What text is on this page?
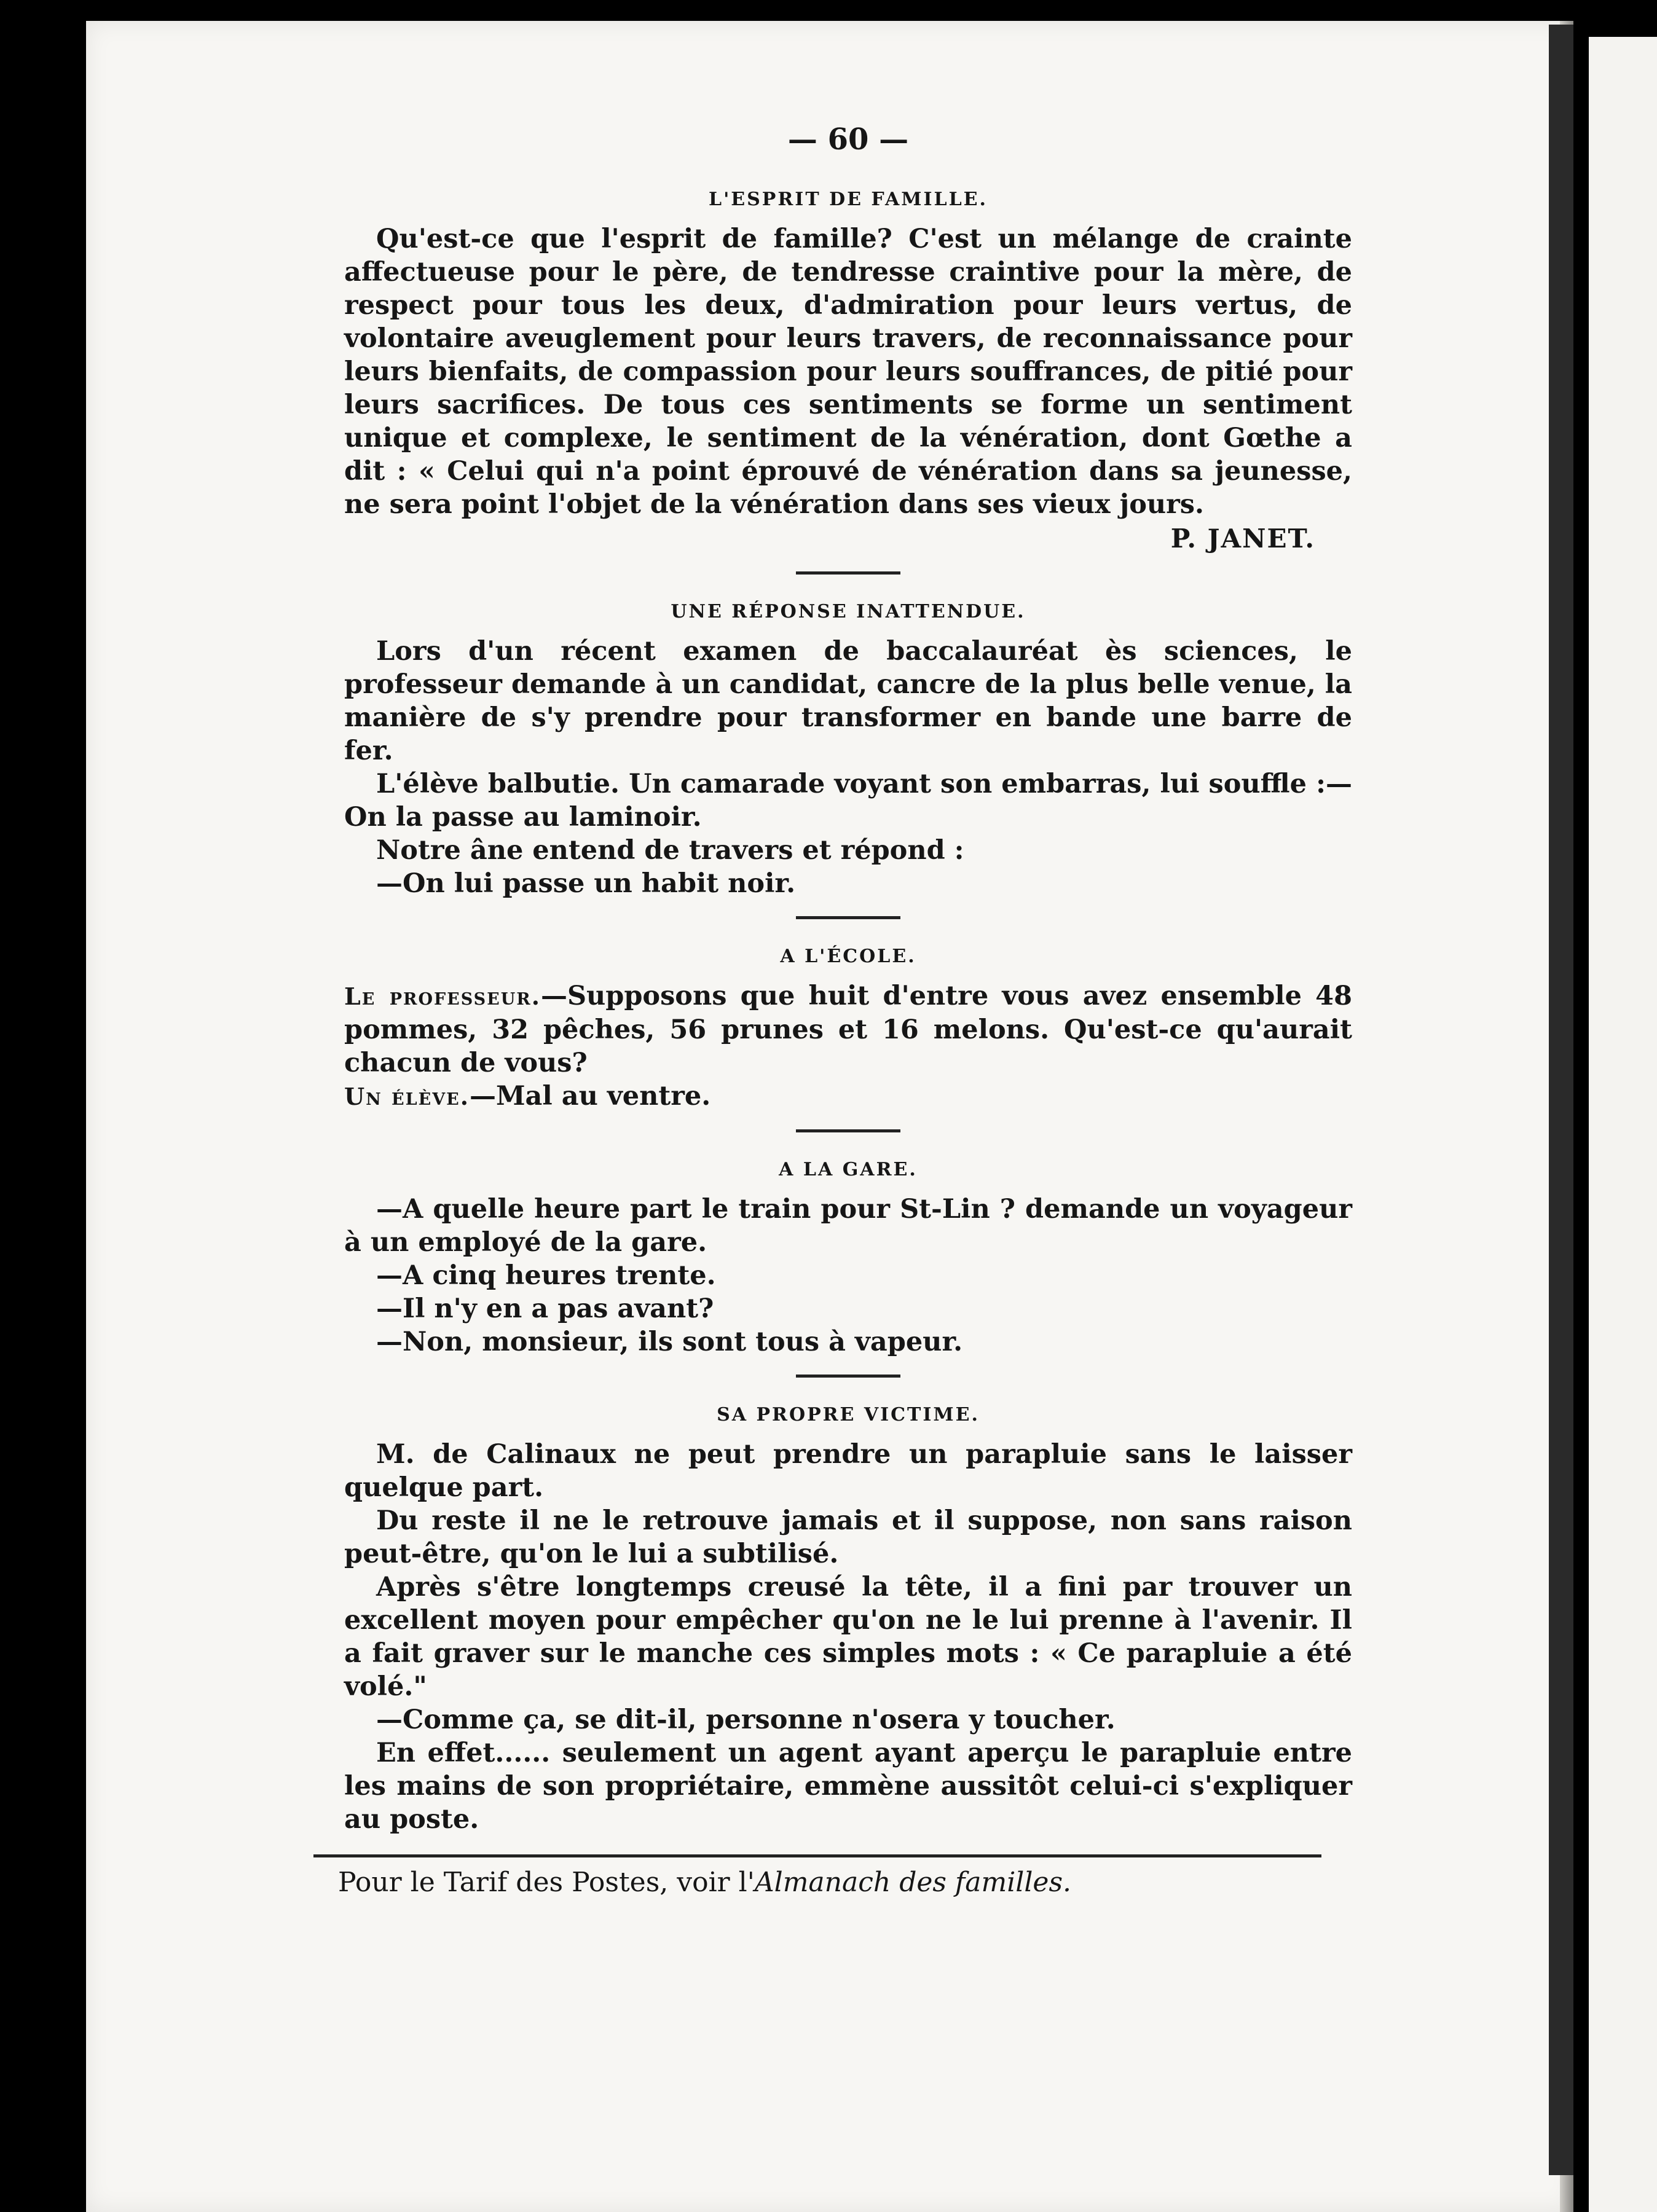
— 60 —
L'ESPRIT DE FAMILLE.

Qu'est-ce que l'esprit de famille? C'est un mélange de crainte affectueuse pour le père, de tendresse craintive pour la mère, de respect pour tous les deux, d'admiration pour leurs vertus, de volontaire aveuglement pour leurs travers, de reconnaissance pour leurs bienfaits, de compassion pour leurs souffrances, de pitié pour leurs sacrifices. De tous ces sentiments se forme un sentiment unique et complexe, le sentiment de la vénération, dont Gœthe a dit : « Celui qui n'a point éprouvé de vénération dans sa jeunesse, ne sera point l'objet de la vénération dans ses vieux jours.

P. JANET.
UNE RÉPONSE INATTENDUE.

Lors d'un récent examen de baccalauréat ès sciences, le professeur demande à un candidat, cancre de la plus belle venue, la manière de s'y prendre pour transformer en bande une barre de fer.

L'élève balbutie. Un camarade voyant son embarras, lui souffle :—On la passe au laminoir.

Notre âne entend de travers et répond :

—On lui passe un habit noir.

A L'ÉCOLE.

Le professeur.—Supposons que huit d'entre vous avez ensemble 48 pommes, 32 pêches, 56 prunes et 16 melons. Qu'est-ce qu'aurait chacun de vous?

Un élève.—Mal au ventre.

A LA GARE.

—A quelle heure part le train pour St-Lin ? demande un voyageur à un employé de la gare.

—A cinq heures trente.

—Il n'y en a pas avant?

—Non, monsieur, ils sont tous à vapeur.

SA PROPRE VICTIME.

M. de Calinaux ne peut prendre un parapluie sans le laisser quelque part.

Du reste il ne le retrouve jamais et il suppose, non sans raison peut-être, qu'on le lui a subtilisé.

Après s'être longtemps creusé la tête, il a fini par trouver un excellent moyen pour empêcher qu'on ne le lui prenne à l'avenir. Il a fait graver sur le manche ces simples mots : « Ce parapluie a été volé."

—Comme ça, se dit-il, personne n'osera y toucher.

En effet...... seulement un agent ayant aperçu le parapluie entre les mains de son propriétaire, emmène aussitôt celui-ci s'expliquer au poste.

Pour le Tarif des Postes, voir l'Almanach des familles.
